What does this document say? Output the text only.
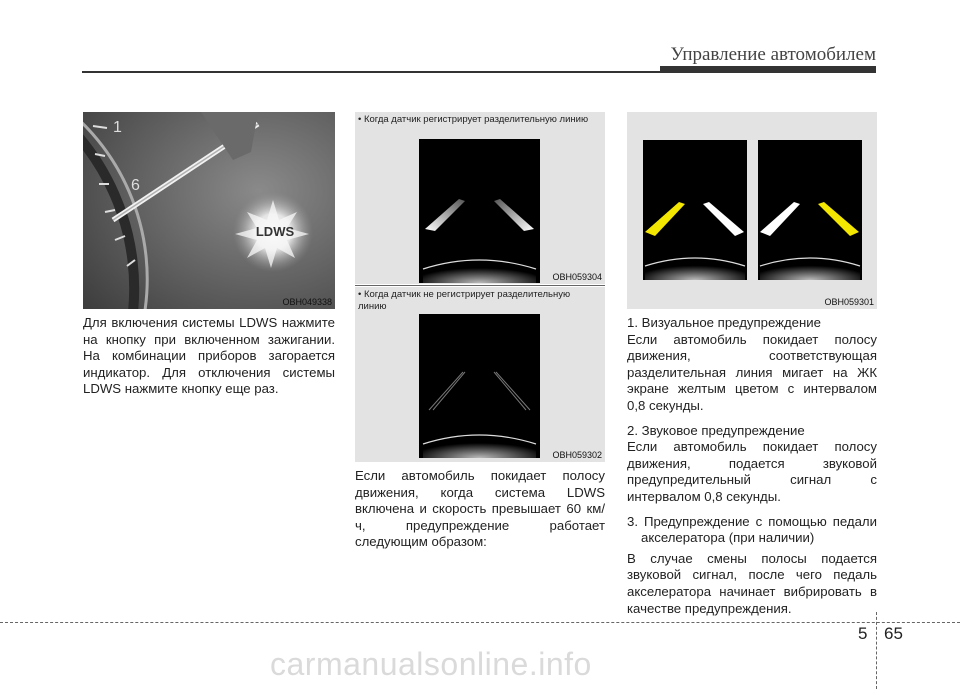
Управление автомобилем
1
6
LDWS
OBH049338

Для включения системы LDWS нажмите на кнопку при включенном зажигании. На комбинации приборов загорается индикатор. Для отключения системы LDWS нажмите кнопку еще раз.

• Когда датчик регистрирует разделительную линию
OBH059304
• Когда датчик не регистрирует разделительную линию
OBH059302

Если автомобиль покидает полосу движения, когда система LDWS включена и скорость превышает 60 км/ч, предупреждение работает следующим образом:

OBH059301

1. Визуальное предупреждение

Если автомобиль покидает полосу движения, соответствующая разделительная линия мигает на ЖК экране желтым цветом с интервалом 0,8 секунды.

2. Звуковое предупреждение

Если автомобиль покидает полосу движения, подается звуковой предупредительный сигнал с интервалом 0,8 секунды.

3. Предупреждение с помощью педали акселератора (при наличии)

В случае смены полосы подается звуковой сигнал, после чего педаль акселератора начинает вибрировать в качестве предупреждения.

5 65
carmanualsonline.info
